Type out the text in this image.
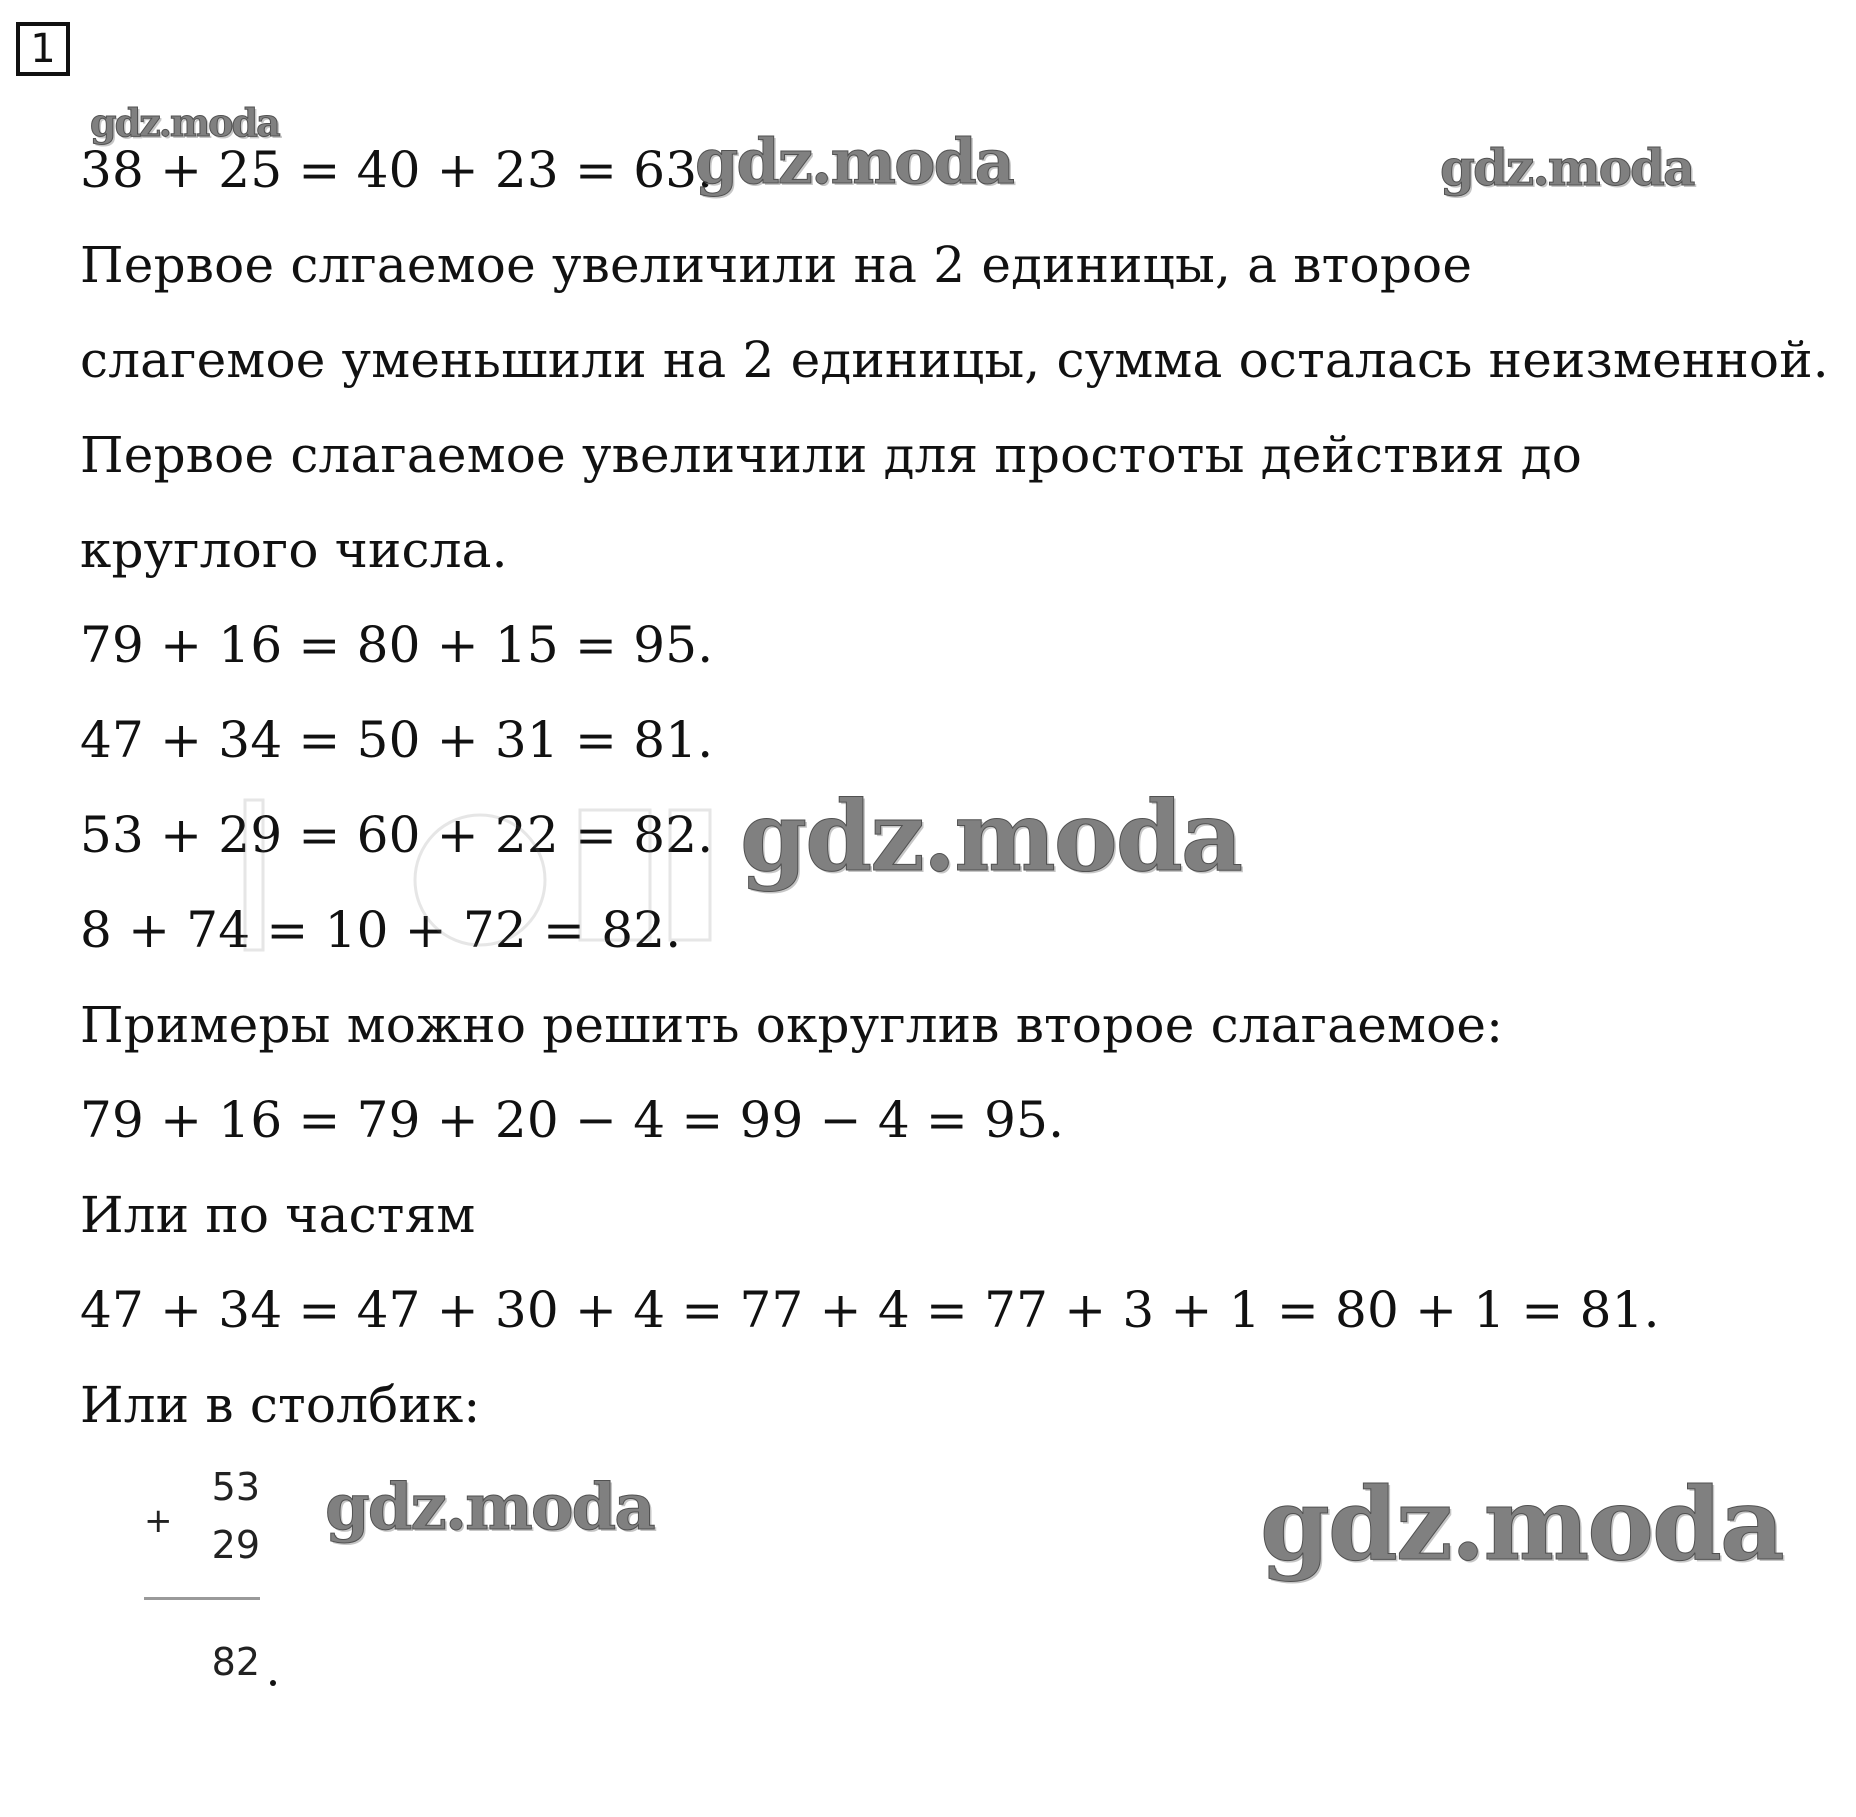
1
38 + 25 = 40 + 23 = 63.
Первое слгаемое увеличили на 2 единицы, а второе
слагемое уменьшили на 2 единицы, сумма осталась неизменной.
Первое слагаемое увеличили для простоты действия до
круглого числа.
79 + 16 = 80 + 15 = 95.
47 + 34 = 50 + 31 = 81.
53 + 29 = 60 + 22 = 82.
8 + 74 = 10 + 72 = 82.
Примеры можно решить округлив второе слагаемое:
79 + 16 = 79 + 20 − 4 = 99 − 4 = 95.
Или по частям
47 + 34 = 47 + 30 + 4 = 77 + 4 = 77 + 3 + 1 = 80 + 1 = 81.
Или в столбик:
53
+
29
82
gdz.moda
gdz.moda	gdz.moda
gdz.moda
gdz.moda	gdz.moda
